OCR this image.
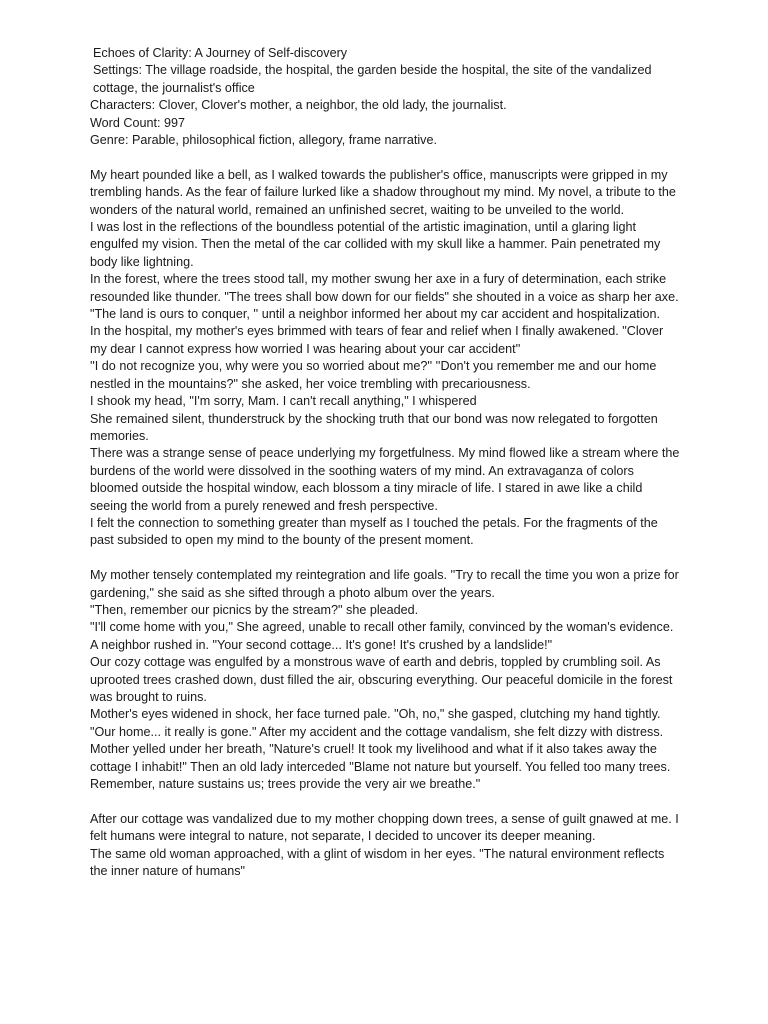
Echoes of Clarity: A Journey of Self-discovery
Settings: The village roadside, the hospital, the garden beside the hospital, the site of the vandalized cottage, the journalist's office
Characters: Clover, Clover's mother, a neighbor, the old lady, the journalist.
Word Count: 997
Genre: Parable, philosophical fiction, allegory, frame narrative.
My heart pounded like a bell, as I walked towards the publisher's office, manuscripts were gripped in my trembling hands. As the fear of failure lurked like a shadow throughout my mind. My novel, a tribute to the wonders of the natural world, remained an unfinished secret, waiting to be unveiled to the world.
I was lost in the reflections of the boundless potential of the artistic imagination, until a glaring light engulfed my vision. Then the metal of the car collided with my skull like a hammer. Pain penetrated my body like lightning.
In the forest, where the trees stood tall, my mother swung her axe in a fury of determination, each strike resounded like thunder. "The trees shall bow down for our fields" she shouted in a voice as sharp her axe. "The land is ours to conquer, '' until a neighbor informed her about my car accident and hospitalization.
In the hospital, my mother's eyes brimmed with tears of fear and relief when I finally awakened. "Clover my dear I cannot express how worried I was hearing about your car accident''
''I do not recognize you, why were you so worried about me?'' ''Don't you remember me and our home nestled in the mountains?" she asked, her voice trembling with precariousness.
I shook my head, "I'm sorry, Mam. I can't recall anything," I whispered
She remained silent, thunderstruck by the shocking truth that our bond was now relegated to forgotten memories.
There was a strange sense of peace underlying my forgetfulness. My mind flowed like a stream where the burdens of the world were dissolved in the soothing waters of my mind. An extravaganza of colors bloomed outside the hospital window, each blossom a tiny miracle of life. I stared in awe like a child seeing the world from a purely renewed and fresh perspective.
I felt the connection to something greater than myself as I touched the petals. For the fragments of the past subsided to open my mind to the bounty of the present moment.
My mother tensely contemplated my reintegration and life goals. ''Try to recall the time you won a prize for gardening," she said as she sifted through a photo album over the years.
"Then, remember our picnics by the stream?" she pleaded.
"I'll come home with you," She agreed, unable to recall other family, convinced by the woman's evidence.
A neighbor rushed in. "Your second cottage... It's gone! It's crushed by a landslide!"
Our cozy cottage was engulfed by a monstrous wave of earth and debris, toppled by crumbling soil. As uprooted trees crashed down, dust filled the air, obscuring everything. Our peaceful domicile in the forest was brought to ruins.
Mother's eyes widened in shock, her face turned pale. "Oh, no," she gasped, clutching my hand tightly.
"Our home... it really is gone." After my accident and the cottage vandalism, she felt dizzy with distress. Mother yelled under her breath, "Nature's cruel! It took my livelihood and what if it also takes away the cottage I inhabit!" Then an old lady interceded ''Blame not nature but yourself. You felled too many trees. Remember, nature sustains us; trees provide the very air we breathe."
After our cottage was vandalized due to my mother chopping down trees, a sense of guilt gnawed at me. I felt humans were integral to nature, not separate, I decided to uncover its deeper meaning.
The same old woman approached, with a glint of wisdom in her eyes. "The natural environment reflects the inner nature of humans"
